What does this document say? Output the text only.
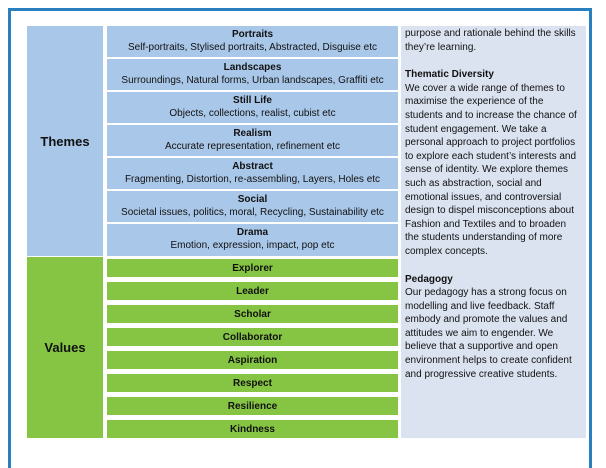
Themes
Values
Portraits
Self-portraits, Stylised portraits, Abstracted, Disguise etc
Landscapes
Surroundings, Natural forms, Urban landscapes, Graffiti etc
Still Life
Objects, collections, realist, cubist etc
Realism
Accurate representation, refinement etc
Abstract
Fragmenting, Distortion, re-assembling, Layers, Holes etc
Social
Societal issues, politics, moral, Recycling, Sustainability etc
Drama
Emotion, expression, impact, pop etc
Explorer
Leader
Scholar
Collaborator
Aspiration
Respect
Resilience
Kindness

purpose and rationale behind the skills they’re learning.

Thematic Diversity

We cover a wide range of themes to maximise the experience of the students and to increase the chance of student engagement. We take a personal approach to project portfolios to explore each student’s interests and sense of identity. We explore themes such as abstraction, social and emotional issues, and controversial design to dispel misconceptions about Fashion and Textiles and to broaden the students understanding of more complex concepts.

Pedagogy

Our pedagogy has a strong focus on modelling and live feedback. Staff embody and promote the values and attitudes we aim to engender. We believe that a supportive and open environment helps to create confident and progressive creative students.
